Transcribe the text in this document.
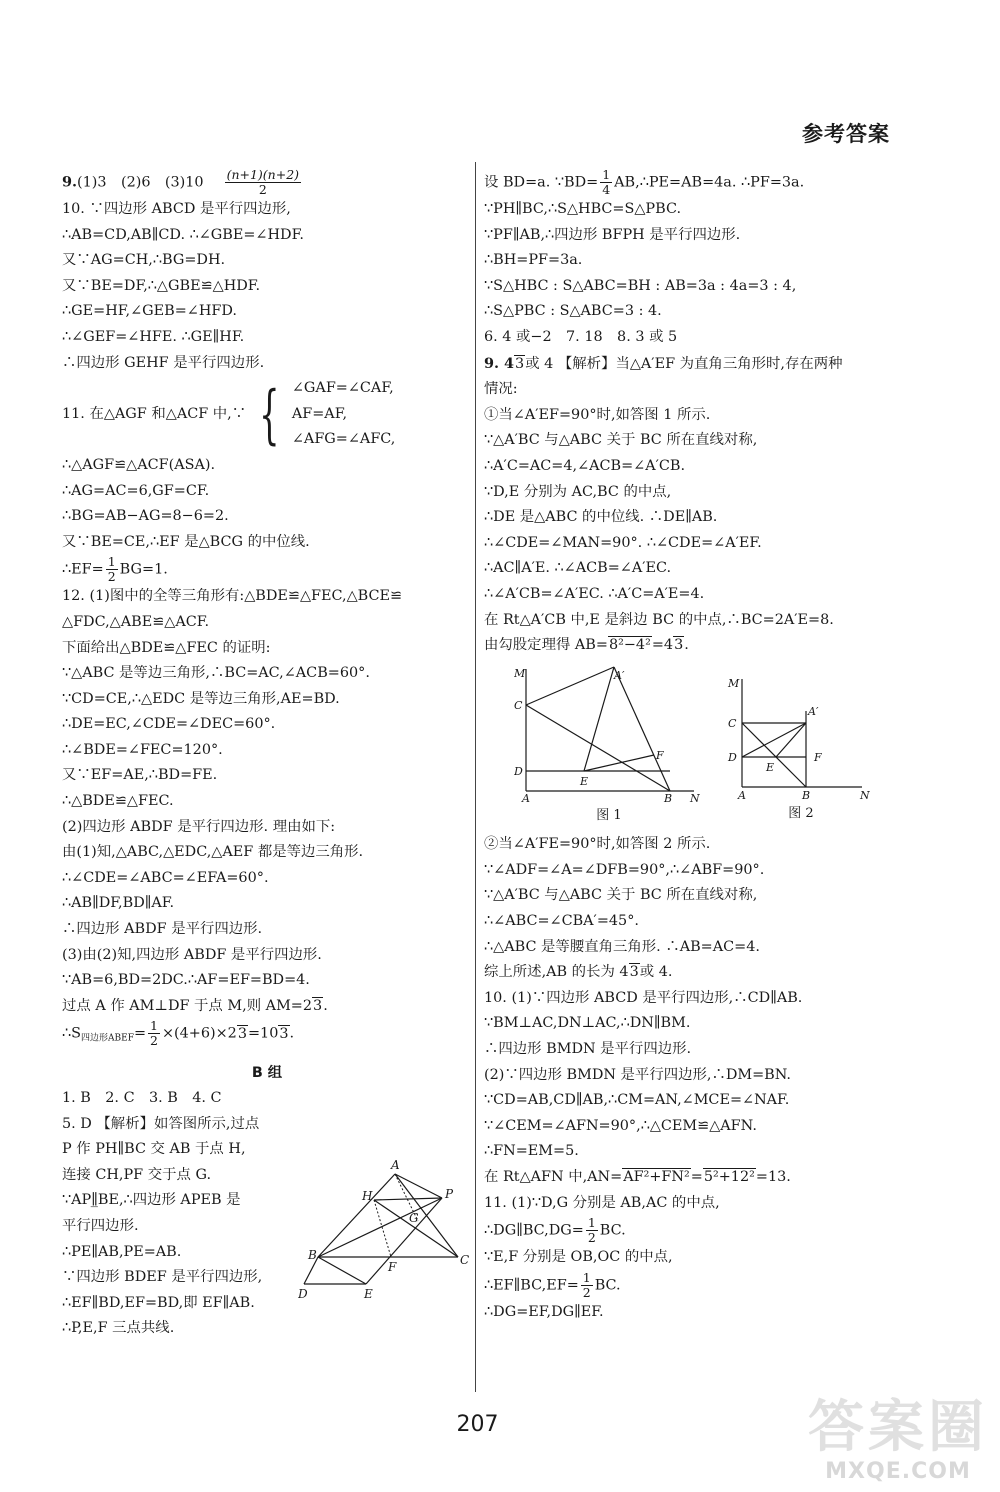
参考答案
9.(1)3　(2)6　(3)10　 $\frac{(n+1)(n+2)}{2}$
10. ∵四边形 ABCD 是平行四边形,
∴AB=CD,AB∥CD. ∴∠GBE=∠HDF.
又∵AG=CH,∴BG=DH.
又∵BE=DF,∴△GBE≌△HDF.
∴GE=HF,∠GEB=∠HFD.
∴∠GEF=∠HFE. ∴GE∥HF.
∴四边形 GEHF 是平行四边形.
11. 在△AGF 和△ACF 中,∵ { ∠GAF=∠CAF,
AF=AF,
∠AFG=∠AFC,
∴△AGF≌△ACF(ASA).
∴AG=AC=6,GF=CF.
∴BG=AB−AG=8−6=2.
又∵BE=CE,∴EF 是△BCG 的中位线.
∴EF= $\frac{1}{2} BG=1$.
12. (1)图中的全等三角形有:△BDE≌△FEC,△BCE≌
△FDC,△ABE≌△ACF.
下面给出△BDE≌△FEC 的证明:
∵△ABC 是等边三角形,∴BC=AC,∠ACB=60°.
∵CD=CE,∴△EDC 是等边三角形,AE=BD.
∴DE=EC,∠CDE=∠DEC=60°.
∴∠BDE=∠FEC=120°.
又∵EF=AE,∴BD=FE.
∴△BDE≌△FEC.
(2)四边形 ABDF 是平行四边形. 理由如下:
由(1)知,△ABC,△EDC,△AEF 都是等边三角形.
∴∠CDE=∠ABC=∠EFA=60°.
∴AB∥DF,BD∥AF.
∴四边形 ABDF 是平行四边形.
(3)由(2)知,四边形 ABDF 是平行四边形.
∵AB=6,BD=2DC.∴AF=EF=BD=4.
过点 A 作 AM⊥DF 于点 M,则 AM=23.
$\therefore S_{四边形ABEF}= \frac{1}{2} \times(4+6)\times 23=103$.
B 组
1. B　2. C　3. B　4. C
5. D 【解析】如答图所示,过点
P 作 PH∥BC 交 AB 于点 H,
连接 CH,PF 交于点 G.
∵AP∥̲BE,∴四边形 APEB 是
平行四边形.
∴PE∥AB,PE=AB.
∵四边形 BDEF 是平行四边形,
∴EF∥BD,EF=BD,即 EF∥AB.
∴P,E,F 三点共线.
A
H	P
G
B
F	C
D	E
设 BD=a. ∵BD= $\frac{1}{4}$ AB,∴PE=AB=4a. ∴PF=3a.
∵PH∥BC,∴S△HBC=S△PBC.
∵PF∥AB,∴四边形 BFPH 是平行四边形.
∴BH=PF=3a.
∵S△HBC : S△ABC=BH : AB=3a : 4a=3 : 4,
∴S△PBC : S△ABC=3 : 4.
6. 4 或−2　7. 18　8. 3 或 5
9. 43或 4 【解析】当△A′EF 为直角三角形时,存在两种
情况:
①当∠A′EF=90°时,如答图 1 所示.
∵△A′BC 与△ABC 关于 BC 所在直线对称,
∴A′C=AC=4,∠ACB=∠A′CB.
∵D,E 分别为 AC,BC 的中点,
∴DE 是△ABC 的中位线. ∴DE∥AB.
∴∠CDE=∠MAN=90°. ∴∠CDE=∠A′EF.
∴AC∥A′E. ∴∠ACB=∠A′EC.
∴∠A′CB=∠A′EC. ∴A′C=A′E=4.
在 Rt△A′CB 中,E 是斜边 BC 的中点,∴BC=2A′E=8.
由勾股定理得 AB=8²−4²=43.
M	A′
C
D
E
F
A	B N
图 1
M
A′
C
D
E
F
A	B	N
图 2
②当∠A′FE=90°时,如答图 2 所示.
∵∠ADF=∠A=∠DFB=90°,∴∠ABF=90°.
∵△A′BC 与△ABC 关于 BC 所在直线对称,
∴∠ABC=∠CBA′=45°.
∴△ABC 是等腰直角三角形. ∴AB=AC=4.
综上所述,AB 的长为 43或 4.
10. (1)∵四边形 ABCD 是平行四边形,∴CD∥AB.
∵BM⊥AC,DN⊥AC,∴DN∥BM.
∴四边形 BMDN 是平行四边形.
(2)∵四边形 BMDN 是平行四边形,∴DM=BN.
∵CD=AB,CD∥AB,∴CM=AN,∠MCE=∠NAF.
∵∠CEM=∠AFN=90°,∴△CEM≌△AFN.
∴FN=EM=5.
在 Rt△AFN 中,AN=AF²+FN²=5²+12²=13.
11. (1)∵D,G 分别是 AB,AC 的中点,
∴DG∥BC,DG= $\frac{1}{2}$ BC.
∵E,F 分别是 OB,OC 的中点,
∴EF∥BC,EF= $\frac{1}{2}$ BC.
∴DG=EF,DG∥EF.
207	答案圈
MXQE.COM
